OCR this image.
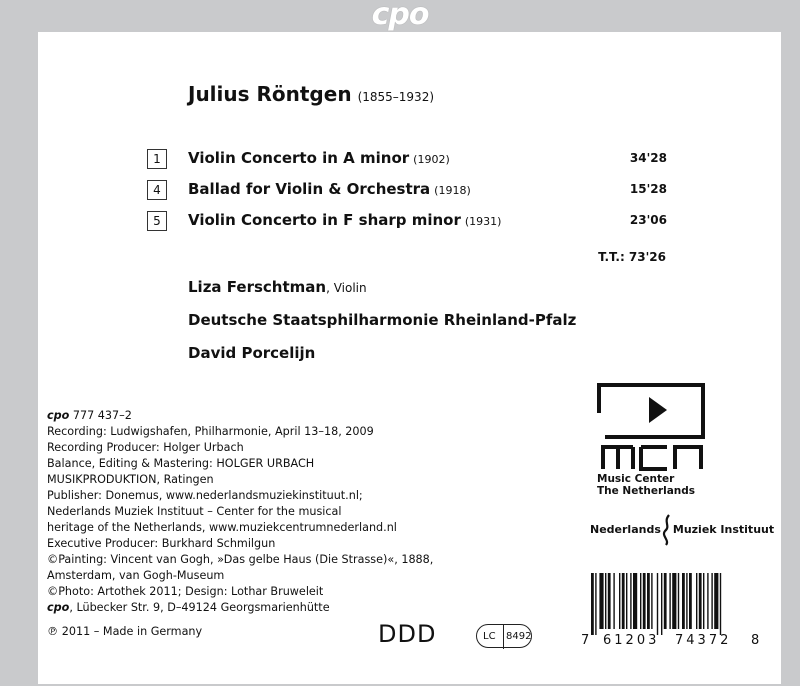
cpo
Julius Röntgen (1855–1932)
1	Violin Concerto in A minor (1902)	34'28
4	Ballad for Violin & Orchestra (1918)	15'28
5	Violin Concerto in F sharp minor (1931)	23'06
T.T.: 73'26
Liza Ferschtman, Violin
Deutsche Staatsphilharmonie Rheinland-Pfalz
David Porcelijn
cpo 777 437–2
Recording: Ludwigshafen, Philharmonie, April 13–18, 2009
Recording Producer: Holger Urbach
Balance, Editing & Mastering: HOLGER URBACH
MUSIKPRODUKTION, Ratingen
Publisher: Donemus, www.nederlandsmuziekinstituut.nl;
Nederlands Muziek Instituut – Center for the musical
heritage of the Netherlands, www.muziekcentrumnederland.nl
Executive Producer: Burkhard Schmilgun
©Painting: Vincent van Gogh, »Das gelbe Haus (Die Strasse)«, 1888,
Amsterdam, van Gogh-Museum
©Photo: Artothek 2011; Design: Lothar Bruweleit
cpo, Lübecker Str. 9, D–49124 Georgsmarienhütte
℗ 2011 – Made in Germany	DDD	LC	8492
Music Center
The Netherlands
Nederlands Muziek Instituut
7 61203 74372 8
